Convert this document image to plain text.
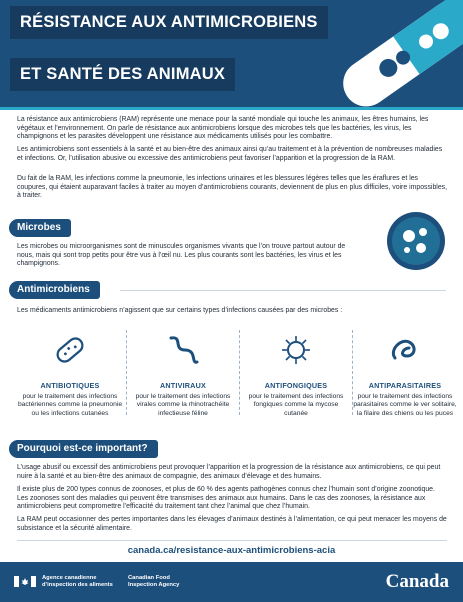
RÉSISTANCE AUX ANTIMICROBIENS
ET SANTÉ DES ANIMAUX

La résistance aux antimicrobiens (RAM) représente une menace pour la santé mondiale qui touche les animaux, les êtres humains, les végétaux et l’environnement. On parle de résistance aux antimicrobiens lorsque des microbes tels que les bactéries, les virus, les champignons et les parasites développent une résistance aux médicaments utilisés pour les combattre.

Les antimicrobiens sont essentiels à la santé et au bien-être des animaux ainsi qu’au traitement et à la prévention de nombreuses maladies et infections. Or, l’utilisation abusive ou excessive des antimicrobiens peut favoriser l’apparition et la progression de la RAM.

Du fait de la RAM, les infections comme la pneumonie, les infections urinaires et les blessures légères telles que les éraflures et les coupures, qui étaient auparavant faciles à traiter au moyen d’antimicrobiens courants, deviennent de plus en plus difficiles, voire impossibles, à traiter.

Microbes

Les microbes ou microorganismes sont de minuscules organismes vivants que l’on trouve partout autour de nous, mais qui sont trop petits pour être vus à l’œil nu. Les plus courants sont les bactéries, les virus et les champignons.

Antimicrobiens

Les médicaments antimicrobiens n’agissent que sur certains types d’infections causées par des microbes :

ANTIBIOTIQUES
pour le traitement des infections bactériennes comme la pneumonie ou les infections cutanées
ANTIVIRAUX
pour le traitement des infections virales comme la rhinotrachéite infectieuse féline
ANTIFONGIQUES
pour le traitement des infections fongiques comme la mycose cutanée
ANTIPARASITAIRES
pour le traitement des infections parasitaires comme le ver solitaire, la filaire des chiens ou les puces
Pourquoi est-ce important?

L’usage abusif ou excessif des antimicrobiens peut provoquer l’apparition et la progression de la résistance aux antimicrobiens, ce qui peut nuire à la santé et au bien-être des animaux de compagnie, des animaux d’élevage et des humains.

Il existe plus de 200 types connus de zoonoses, et plus de 60 % des agents pathogènes connus chez l’humain sont d’origine zoonotique. Les zoonoses sont des maladies qui peuvent être transmises des animaux aux humains. Dans le cas des zoonoses, la résistance aux antimicrobiens peut compromettre l’efficacité du traitement tant chez l’animal que chez l’humain.

La RAM peut occasionner des pertes importantes dans les élevages d’animaux destinés à l’alimentation, ce qui peut menacer les moyens de subsistance et la sécurité alimentaire.

canada.ca/resistance-aux-antimicrobiens-acia
Agence canadienne
d’inspection des aliments
Canadian Food
Inspection Agency	Canada
